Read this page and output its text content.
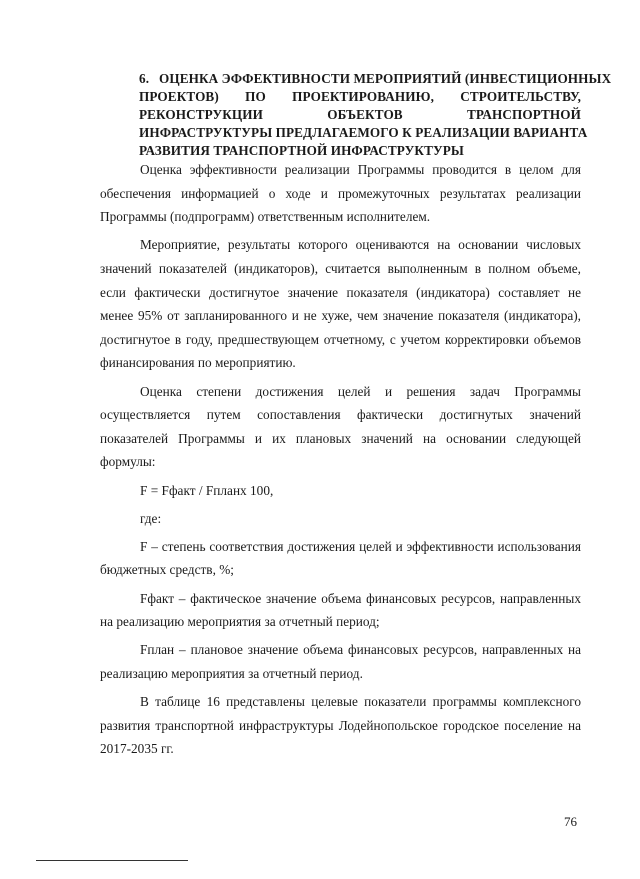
6. ОЦЕНКА ЭФФЕКТИВНОСТИ МЕРОПРИЯТИЙ (ИНВЕСТИЦИОННЫХ
ПРОЕКТОВ) ПО ПРОЕКТИРОВАНИЮ, СТРОИТЕЛЬСТВУ,
РЕКОНСТРУКЦИИ	ОБЪЕКТОВ	ТРАНСПОРТНОЙ
ИНФРАСТРУКТУРЫ ПРЕДЛАГАЕМОГО К РЕАЛИЗАЦИИ ВАРИАНТА
РАЗВИТИЯ ТРАНСПОРТНОЙ ИНФРАСТРУКТУРЫ

Оценка эффективности реализации Программы проводится в целом для обеспечения информацией о ходе и промежуточных результатах реализации Программы (подпрограмм) ответственным исполнителем.

Мероприятие, результаты которого оцениваются на основании числовых значений показателей (индикаторов), считается выполненным в полном объеме, если фактически достигнутое значение показателя (индикатора) составляет не менее 95% от запланированного и не хуже, чем значение показателя (индикатора), достигнутое в году, предшествующем отчетному, с учетом корректировки объемов финансирования по мероприятию.

Оценка степени достижения целей и решения задач Программы осуществляется путем сопоставления фактически достигнутых значений показателей Программы и их плановых значений на основании следующей формулы:

F = Fфакт / Fпланх 100,

где:

F – степень соответствия достижения целей и эффективности использования бюджетных средств, %;

Fфакт – фактическое значение объема финансовых ресурсов, направленных на реализацию мероприятия за отчетный период;

Fплан – плановое значение объема финансовых ресурсов, направленных на реализацию мероприятия за отчетный период.

В таблице 16 представлены целевые показатели программы комплексного развития транспортной инфраструктуры Лодейнопольское городское поселение на 2017-2035 гг.

76
